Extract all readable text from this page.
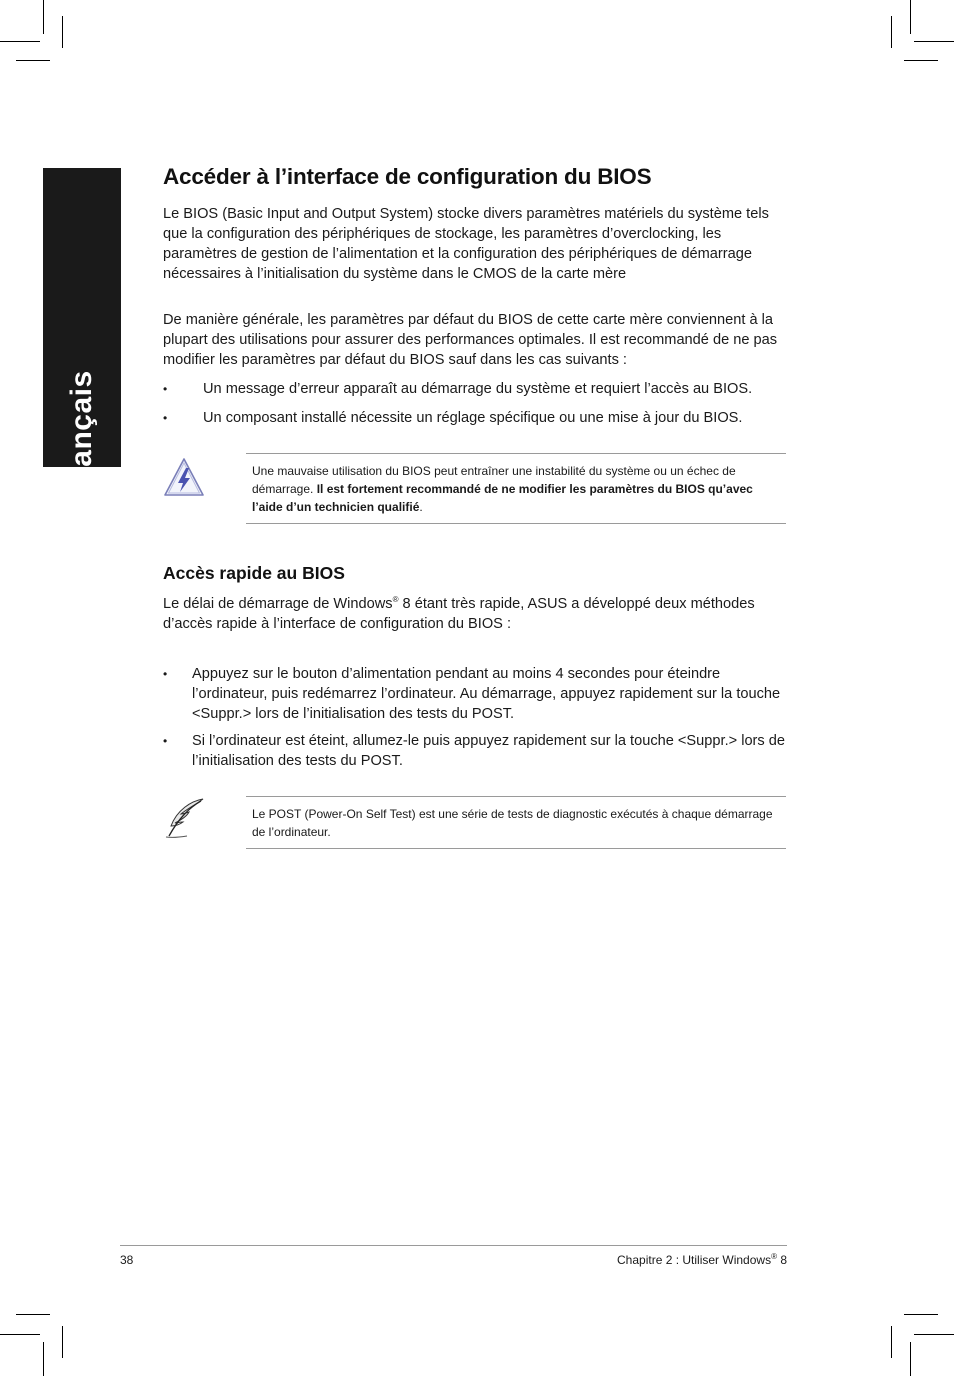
Français
Accéder à l’interface de configuration du BIOS

Le BIOS (Basic Input and Output System) stocke divers paramètres matériels du système tels que la configuration des périphériques de stockage, les paramètres d’overclocking, les paramètres de gestion de l’alimentation et la configuration des périphériques de démarrage nécessaires à l’initialisation du système dans le CMOS de la carte mère

De manière générale, les paramètres par défaut du BIOS de cette carte mère conviennent à la plupart des utilisations pour assurer des performances optimales. Il est recommandé de ne pas modifier les paramètres par défaut du BIOS sauf dans les cas suivants :

• Un message d’erreur apparaît au démarrage du système et requiert l’accès au BIOS.
• Un composant installé nécessite un réglage spécifique ou une mise à jour du BIOS.
Une mauvaise utilisation du BIOS peut entraîner une instabilité du système ou un échec de démarrage. Il est fortement recommandé de ne modifier les paramètres du BIOS qu’avec l’aide d’un technicien qualifié.
Accès rapide au BIOS

Le délai de démarrage de Windows® 8 étant très rapide, ASUS a développé deux méthodes d’accès rapide à l’interface de configuration du BIOS :

• Appuyez sur le bouton d’alimentation pendant au moins 4 secondes pour éteindre l’ordinateur, puis redémarrez l’ordinateur. Au démarrage, appuyez rapidement sur la touche <Suppr.> lors de l’initialisation des tests du POST.
• Si l’ordinateur est éteint, allumez-le puis appuyez rapidement sur la touche <Suppr.> lors de l’initialisation des tests du POST.
Le POST (Power-On Self Test) est une série de tests de diagnostic exécutés à chaque démarrage de l’ordinateur.
38	Chapitre 2 : Utiliser Windows® 8
